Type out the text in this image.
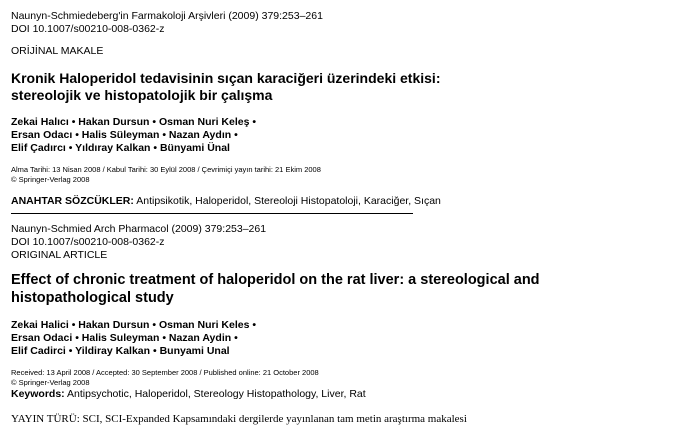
Naunyn-Schmiedeberg'in Farmakoloji Arşivleri (2009) 379:253–261
DOI 10.1007/s00210-008-0362-z
ORİJİNAL MAKALE
Kronik Haloperidol tedavisinin sıçan karaciğeri üzerindeki etkisi:
stereolojik ve histopatolojik bir çalışma
Zekai Halıcı • Hakan Dursun • Osman Nuri Keleş •
Ersan Odacı • Halis Süleyman • Nazan Aydın •
Elif Çadırcı • Yıldıray Kalkan • Bünyami Ünal
Alma Tarihi: 13 Nisan 2008 / Kabul Tarihi: 30 Eylül 2008 / Çevrimiçi yayın tarihi: 21 Ekim 2008
© Springer-Verlag 2008
ANAHTAR SÖZCÜKLER: Antipsikotik, Haloperidol, Stereoloji Histopatoloji, Karaciğer, Sıçan
Naunyn-Schmied Arch Pharmacol (2009) 379:253–261
DOI 10.1007/s00210-008-0362-z
ORIGINAL ARTICLE
Effect of chronic treatment of haloperidol on the rat liver: a stereological and
histopathological study
Zekai Halici • Hakan Dursun • Osman Nuri Keles •
Ersan Odaci • Halis Suleyman • Nazan Aydin •
Elif Cadirci • Yildiray Kalkan • Bunyami Unal
Received: 13 April 2008 / Accepted: 30 September 2008 / Published online: 21 October 2008
© Springer-Verlag 2008
Keywords: Antipsychotic, Haloperidol, Stereology Histopathology, Liver, Rat
YAYIN TÜRÜ: SCI, SCI-Expanded Kapsamındaki dergilerde yayınlanan tam metin araştırma makalesi
